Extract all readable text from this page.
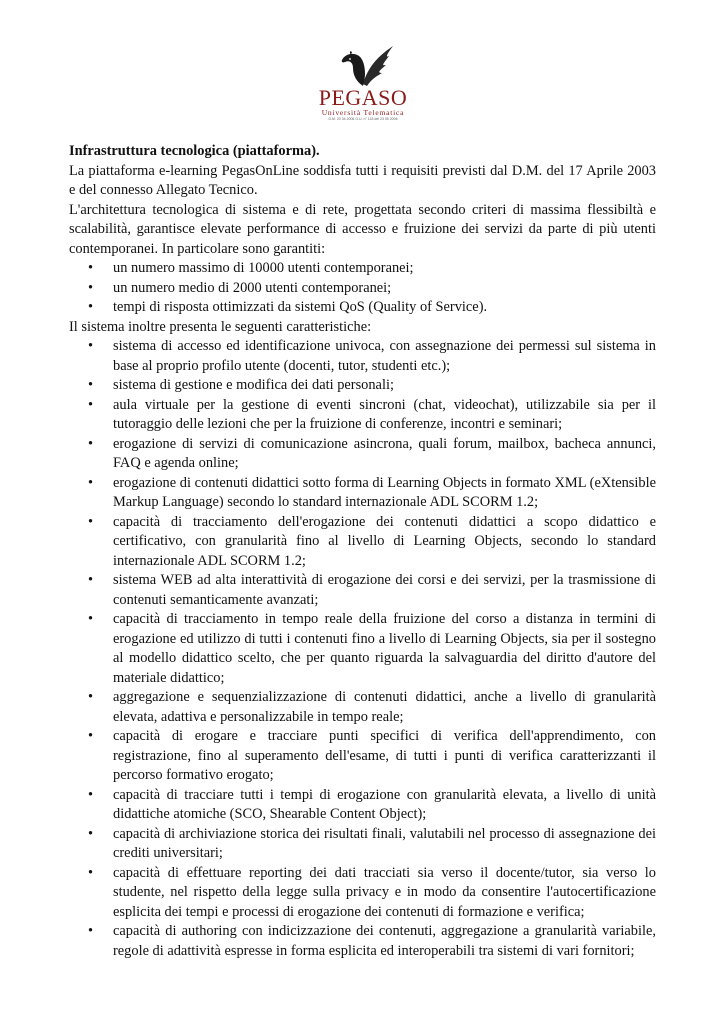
PEGASO
Università Telematica
D.M. 20 04 2006 G.U. n° 118 del 23 05 2006

Infrastruttura tecnologica (piattaforma).

La piattaforma e-learning PegasOnLine soddisfa tutti i requisiti previsti dal D.M. del 17 Aprile 2003 e del connesso Allegato Tecnico.

L'architettura tecnologica di sistema e di rete, progettata secondo criteri di massima flessibiltà e scalabilità, garantisce elevate performance di accesso e fruizione dei servizi da parte di più utenti contemporanei. In particolare sono garantiti:

• un numero massimo di 10000 utenti contemporanei;
• un numero medio di 2000 utenti contemporanei;
• tempi di risposta ottimizzati da sistemi QoS (Quality of Service).

Il sistema inoltre presenta le seguenti caratteristiche:

• sistema di accesso ed identificazione univoca, con assegnazione dei permessi sul sistema in base al proprio profilo utente (docenti, tutor, studenti etc.);
• sistema di gestione e modifica dei dati personali;
• aula virtuale per la gestione di eventi sincroni (chat, videochat), utilizzabile sia per il tutoraggio delle lezioni che per la fruizione di conferenze, incontri e seminari;
• erogazione di servizi di comunicazione asincrona, quali forum, mailbox, bacheca annunci, FAQ e agenda online;
• erogazione di contenuti didattici sotto forma di Learning Objects in formato XML (eXtensible Markup Language) secondo lo standard internazionale ADL SCORM 1.2;
• capacità di tracciamento dell'erogazione dei contenuti didattici a scopo didattico e certificativo, con granularità fino al livello di Learning Objects, secondo lo standard internazionale ADL SCORM 1.2;
• sistema WEB ad alta interattività di erogazione dei corsi e dei servizi, per la trasmissione di contenuti semanticamente avanzati;
• capacità di tracciamento in tempo reale della fruizione del corso a distanza in termini di erogazione ed utilizzo di tutti i contenuti fino a livello di Learning Objects, sia per il sostegno al modello didattico scelto, che per quanto riguarda la salvaguardia del diritto d'autore del materiale didattico;
• aggregazione e sequenzializzazione di contenuti didattici, anche a livello di granularità elevata, adattiva e personalizzabile in tempo reale;
• capacità di erogare e tracciare punti specifici di verifica dell'apprendimento, con registrazione, fino al superamento dell'esame, di tutti i punti di verifica caratterizzanti il percorso formativo erogato;
• capacità di tracciare tutti i tempi di erogazione con granularità elevata, a livello di unità didattiche atomiche (SCO, Shearable Content Object);
• capacità di archiviazione storica dei risultati finali, valutabili nel processo di assegnazione dei crediti universitari;
• capacità di effettuare reporting dei dati tracciati sia verso il docente/tutor, sia verso lo studente, nel rispetto della legge sulla privacy e in modo da consentire l'autocertificazione esplicita dei tempi e processi di erogazione dei contenuti di formazione e verifica;
• capacità di authoring con indicizzazione dei contenuti, aggregazione a granularità variabile, regole di adattività espresse in forma esplicita ed interoperabili tra sistemi di vari fornitori;
